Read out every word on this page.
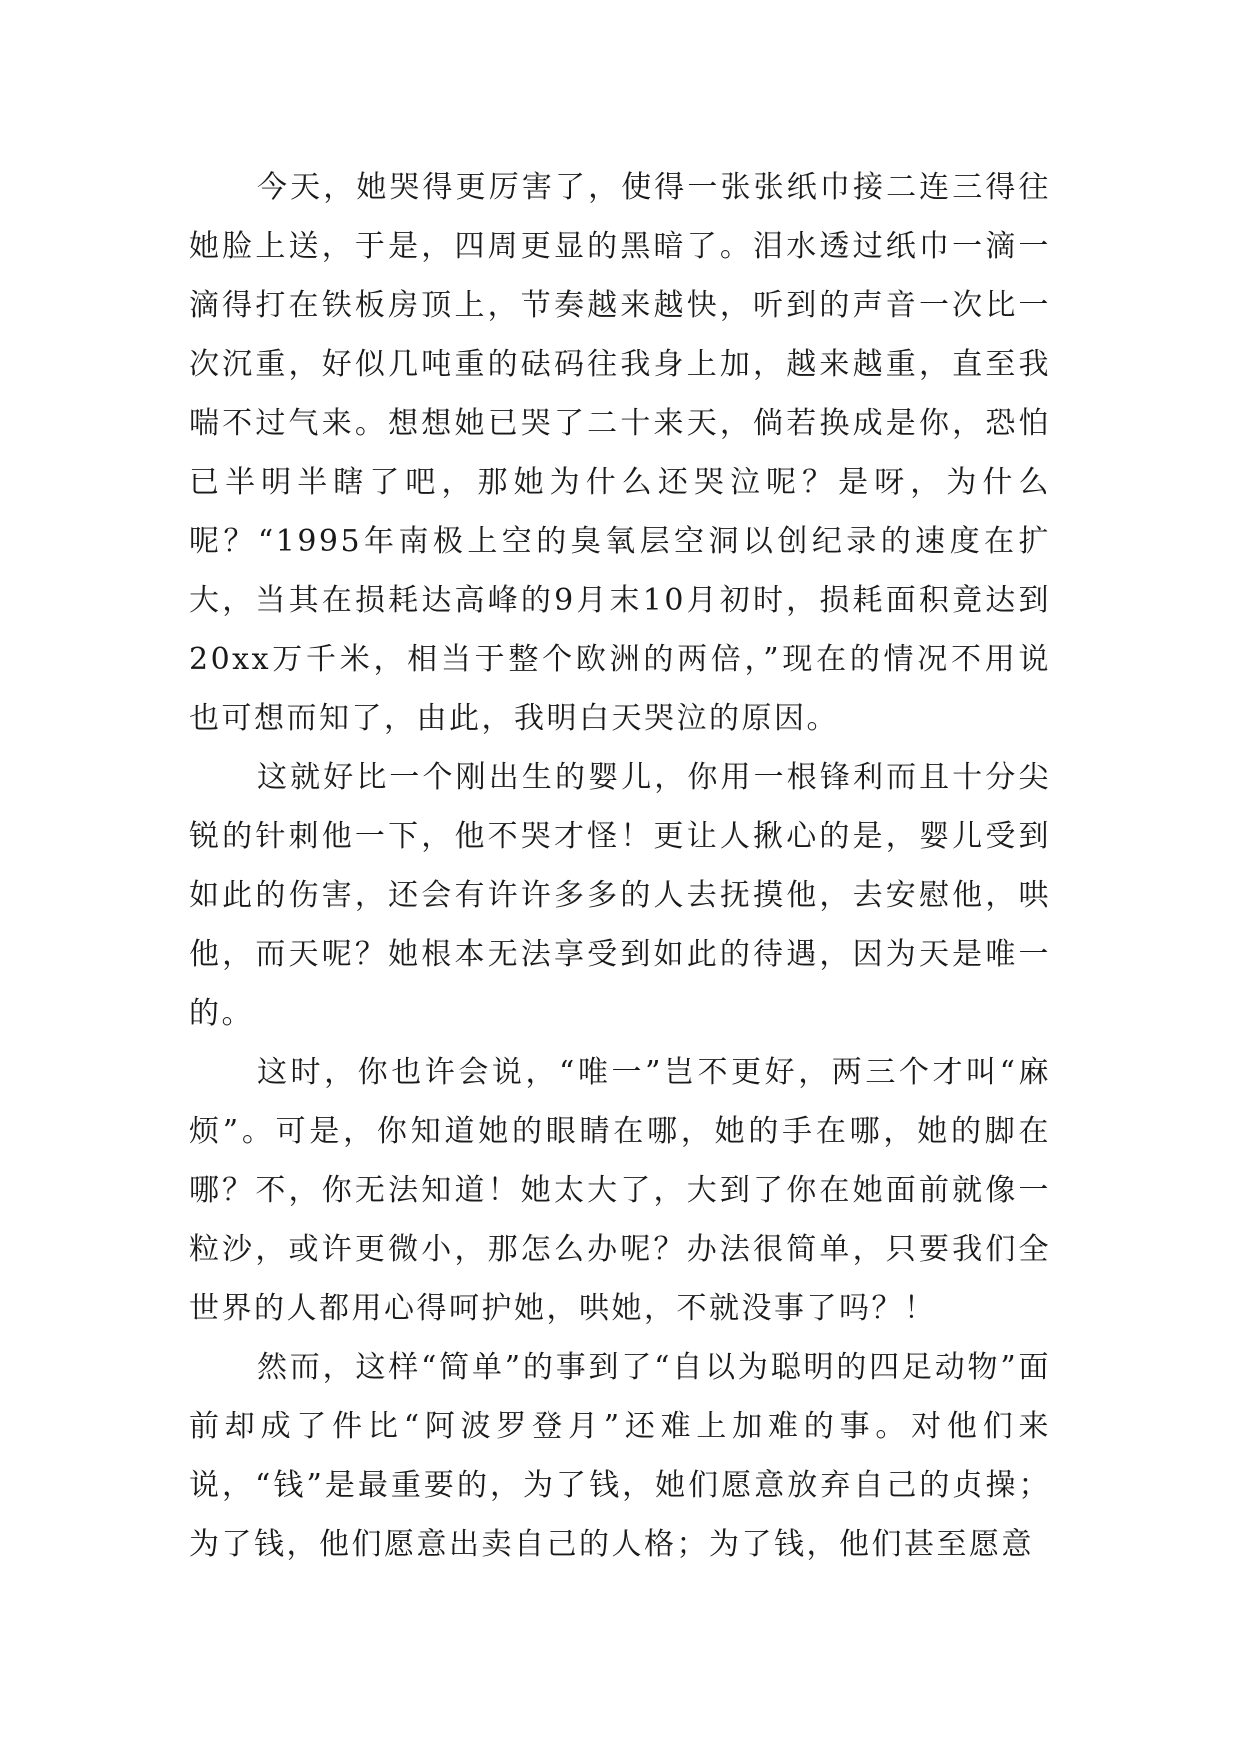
今天，她哭得更厉害了，使得一张张纸巾接二连三得往她脸上送，于是，四周更显的黑暗了。泪水透过纸巾一滴一滴得打在铁板房顶上，节奏越来越快，听到的声音一次比一次沉重，好似几吨重的砝码往我身上加，越来越重，直至我喘不过气来。想想她已哭了二十来天，倘若换成是你，恐怕已半明半瞎了吧，那她为什么还哭泣呢？是呀，为什么呢？“1995年南极上空的臭氧层空洞以创纪录的速度在扩大，当其在损耗达高峰的9月末10月初时，损耗面积竟达到20xx万千米，相当于整个欧洲的两倍，”现在的情况不用说也可想而知了，由此，我明白天哭泣的原因。

这就好比一个刚出生的婴儿，你用一根锋利而且十分尖锐的针刺他一下，他不哭才怪！更让人揪心的是，婴儿受到如此的伤害，还会有许许多多的人去抚摸他，去安慰他，哄他，而天呢？她根本无法享受到如此的待遇，因为天是唯一的。

这时，你也许会说，“唯一”岂不更好，两三个才叫“麻烦”。可是，你知道她的眼睛在哪，她的手在哪，她的脚在哪？不，你无法知道！她太大了，大到了你在她面前就像一粒沙，或许更微小，那怎么办呢？办法很简单，只要我们全世界的人都用心得呵护她，哄她，不就没事了吗？！

然而，这样“简单”的事到了“自以为聪明的四足动物”面前却成了件比“阿波罗登月”还难上加难的事。对他们来说，“钱”是最重要的，为了钱，她们愿意放弃自己的贞操；为了钱，他们愿意出卖自己的人格；为了钱，他们甚至愿意
